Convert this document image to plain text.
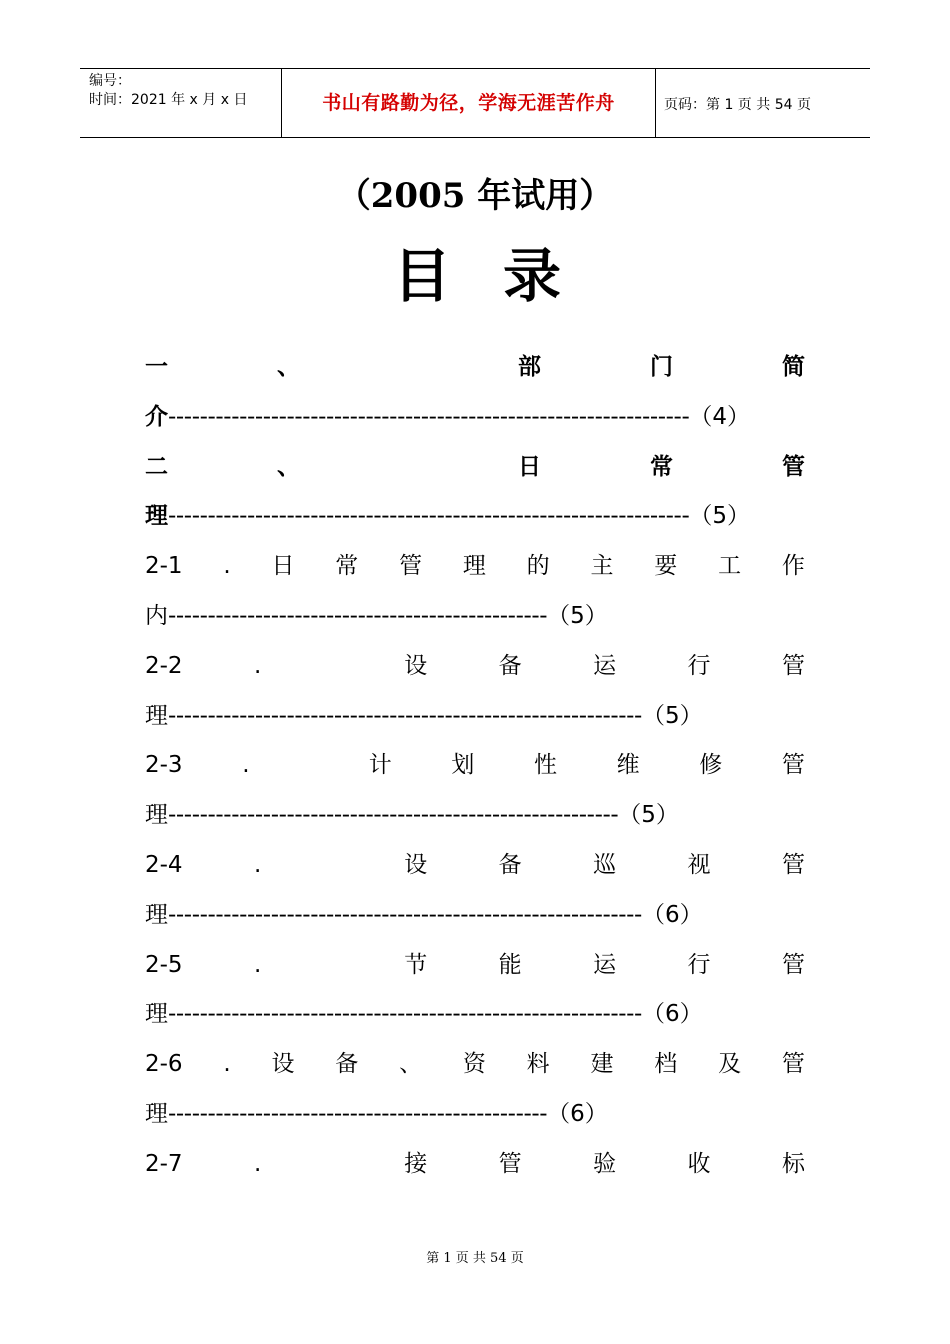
编号：
时间：2021 年 x 月 x 日	书山有路勤为径，学海无涯苦作舟	页码：第 1 页 共 54 页
（2005 年试用）
目 录
一	、	部	门	简
介------------------------------------------------------------------（4）
二	、	日	常	管
理------------------------------------------------------------------（5）
2-1 . 日 常 管 理 的 主 要 工 作
内------------------------------------------------（5）
2-2	.	设	备	运	行	管
理------------------------------------------------------------（5）
2-3	.	计	划	性	维	修	管
理---------------------------------------------------------（5）
2-4	.	设	备	巡	视	管
理------------------------------------------------------------（6）
2-5	.	节	能	运	行	管
理------------------------------------------------------------（6）
2-6 . 设 备 、 资 料 建 档 及 管
理------------------------------------------------（6）
2-7	.	接	管	验	收	标
第 1 页 共 54 页
